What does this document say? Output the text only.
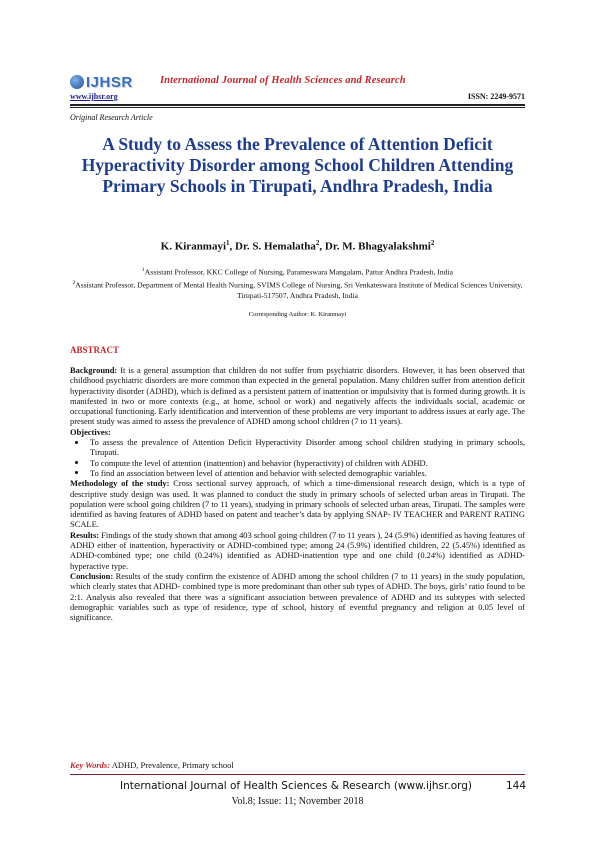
IJHSR	International Journal of Health Sciences and Research
www.ijhsr.org	ISSN: 2249-9571
Original Research Article
A Study to Assess the Prevalence of Attention Deficit Hyperactivity Disorder among School Children Attending Primary Schools in Tirupati, Andhra Pradesh, India
K. Kiranmayi$^1$, Dr. S. Hemalatha$^2$, Dr. M. Bhagyalakshmi$^2$
$^1$Assistant Professor, KKC College of Nursing, Parameswara Mangalam, Pattur Andhra Pradesh, India
$^2$Assistant Professor, Department of Mental Health Nursing, SVIMS College of Nursing, Sri Venkateswara Institute of Medical Sciences University, Tirupati-517507, Andhra Pradesh, India
Corresponding Author: K. Kiranmayi
ABSTRACT

Background: It is a general assumption that children do not suffer from psychiatric disorders. However, it has been observed that childhood psychiatric disorders are more common than expected in the general population. Many children suffer from attention deficit hyperactivity disorder (ADHD), which is defined as a persistent pattern of inattention or impulsivity that is formed during growth. It is manifested in two or more contexts (e.g., at home, school or work) and negatively affects the individuals social, academic or occupational functioning. Early identification and intervention of these problems are very important to address issues at early age. The present study was aimed to assess the prevalence of ADHD among school children (7 to 11 years).

Objectives:

To assess the prevalence of Attention Deficit Hyperactivity Disorder among school children studying in primary schools, Tirupati.
To compute the level of attention (inattention) and behavior (hyperactivity) of children with ADHD.
To find an association between level of attention and behavior with selected demographic variables.

Methodology of the study: Cross sectional survey approach, of which a time-dimensional research design, which is a type of descriptive study design was used. It was planned to conduct the study in primary schools of selected urban areas in Tirupati. The population were school going children (7 to 11 years), studying in primary schools of selected urban areas, Tirupati. The samples were identified as having features of ADHD based on patent and teacher’s data by applying SNAP- IV TEACHER and PARENT RATING SCALE.

Results: Findings of the study shown that among 403 school going children (7 to 11 years ), 24 (5.9%) identified as having features of ADHD either of inattention, hyperactivity or ADHD-combined type; among 24 (5.9%) identified children, 22 (5.45%) identified as ADHD-combined type; one child (0.24%) identified as ADHD-inattention type and one child (0.24%) identified as ADHD-hyperactive type.

Conclusion: Results of the study confirm the existence of ADHD among the school children (7 to 11 years) in the study population, which clearly states that ADHD- combined type is more predominant than other sub types of ADHD. The boys, girls’ ratio found to be 2:1. Analysis also revealed that there was a significant association between prevalence of ADHD and its subtypes with selected demographic variables such as type of residence, type of school, history of eventful pregnancy and religion at 0.05 level of significance.

Key Words: ADHD, Prevalence, Primary school
International Journal of Health Sciences & Research (www.ijhsr.org)	144
Vol.8; Issue: 11; November 2018
